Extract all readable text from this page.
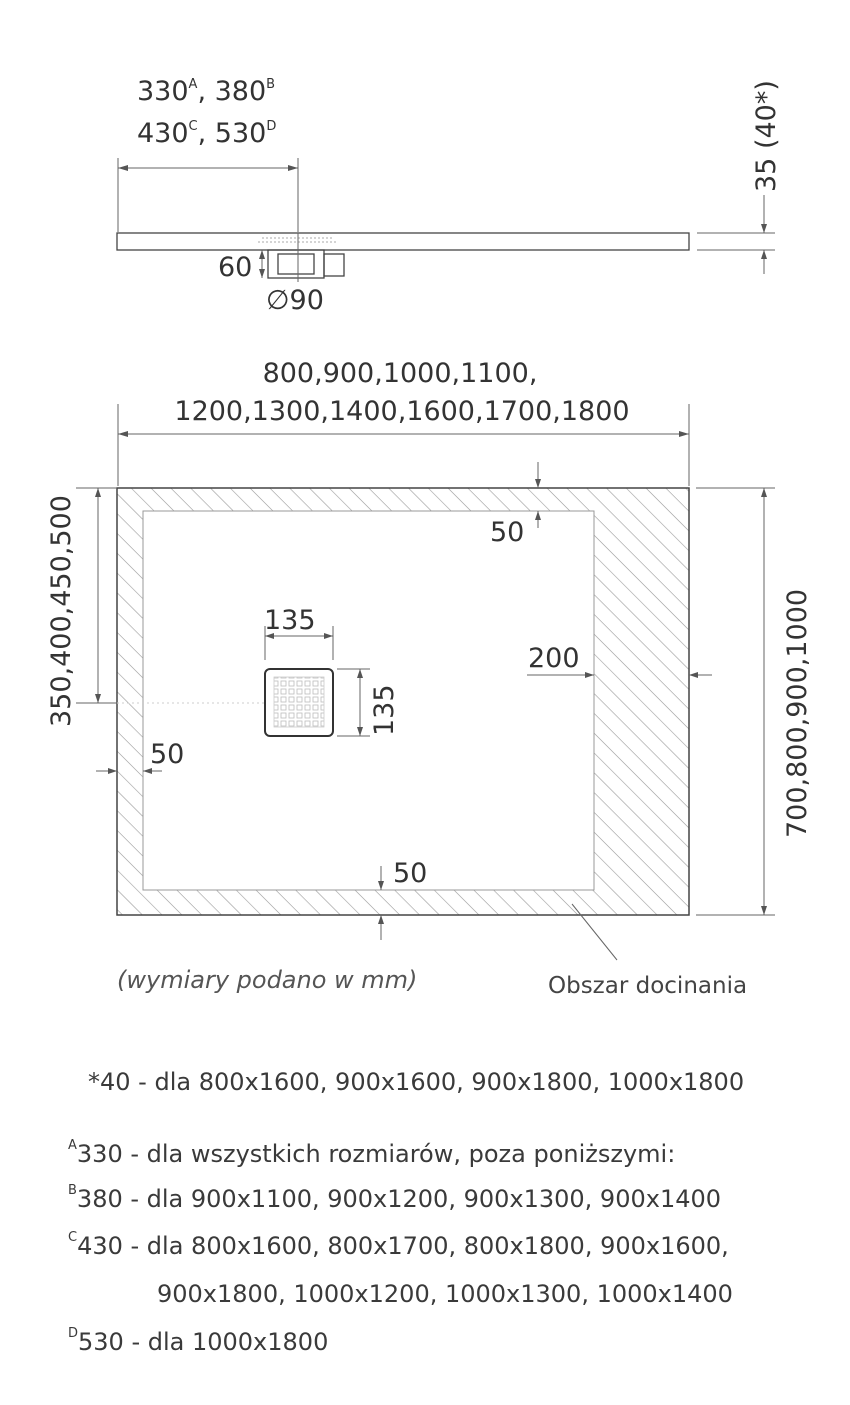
$330^A$, $380^B$
$430^C$, $530^D$
60
∅90
35 (40*)
800,900,1000,1100,
1200,1300,1400,1600,1700,1800
135
135
350,400,450,500	50
50
50
200	700,800,900,1000
Obszar docinania
(wymiary podano w mm)
*40 - dla 800x1600, 900x1600, 900x1800, 1000x1800
$^A$330 - dla wszystkich rozmiarów, poza poniższymi:
$^B$380 - dla 900x1100, 900x1200, 900x1300, 900x1400
$^C$430 - dla 800x1600, 800x1700, 800x1800, 900x1600,
900x1800, 1000x1200, 1000x1300, 1000x1400
$^D$530 - dla 1000x1800
